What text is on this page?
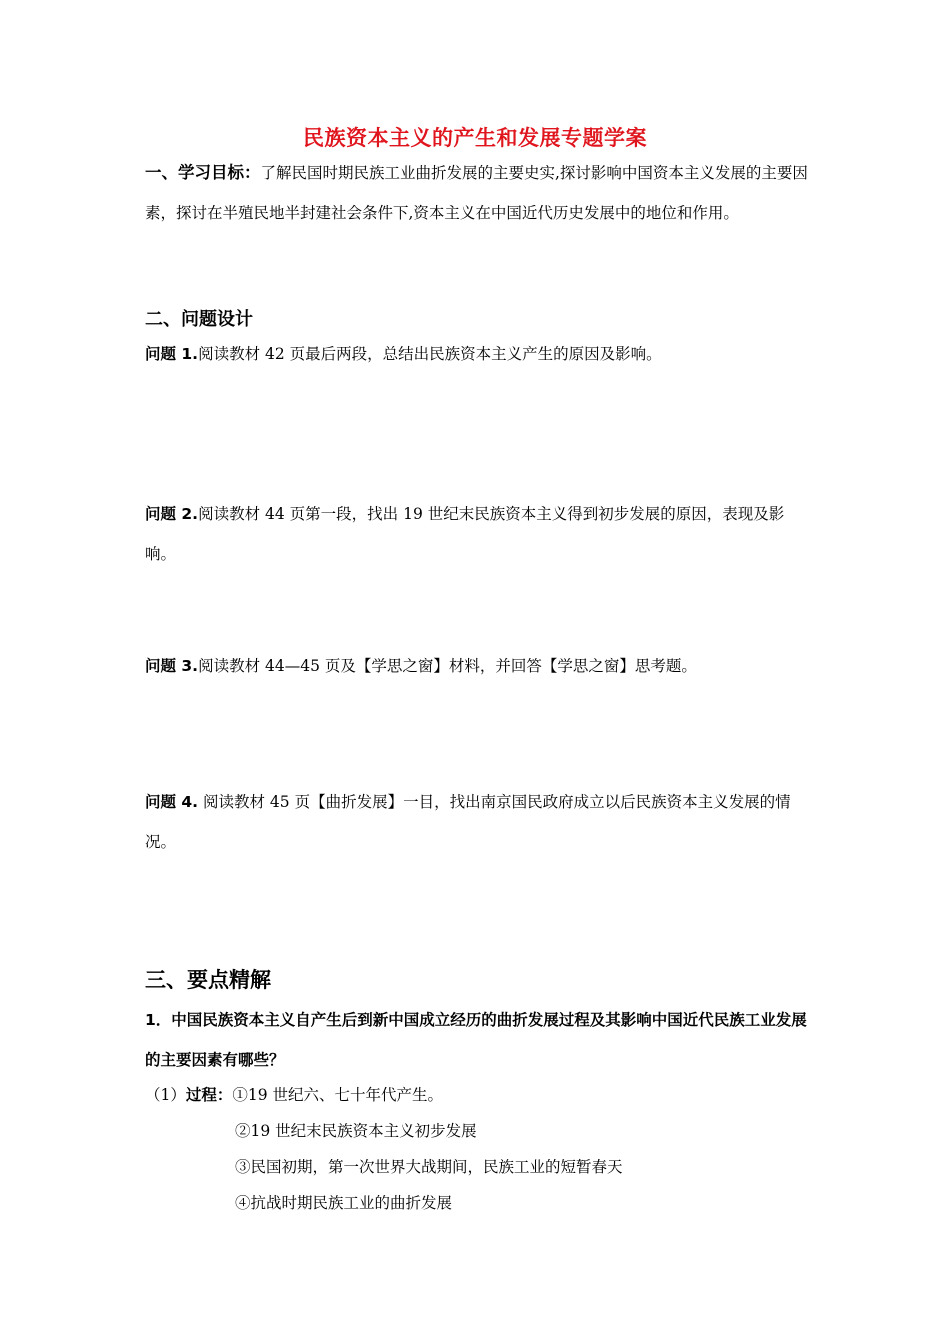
民族资本主义的产生和发展专题学案
一、学习目标：了解民国时期民族工业曲折发展的主要史实,探讨影响中国资本主义发展的主要因素，探讨在半殖民地半封建社会条件下,资本主义在中国近代历史发展中的地位和作用。
二、问题设计
问题 1.阅读教材 42 页最后两段，总结出民族资本主义产生的原因及影响。
问题 2.阅读教材 44 页第一段，找出 19 世纪末民族资本主义得到初步发展的原因，表现及影响。
问题 3.阅读教材 44—45 页及【学思之窗】材料，并回答【学思之窗】思考题。
问题 4. 阅读教材 45 页【曲折发展】一目，找出南京国民政府成立以后民族资本主义发展的情况。
三、要点精解
1．中国民族资本主义自产生后到新中国成立经历的曲折发展过程及其影响中国近代民族工业发展的主要因素有哪些？
（1）过程：①19 世纪六、七十年代产生。
②19 世纪末民族资本主义初步发展
③民国初期，第一次世界大战期间，民族工业的短暂春天
④抗战时期民族工业的曲折发展
